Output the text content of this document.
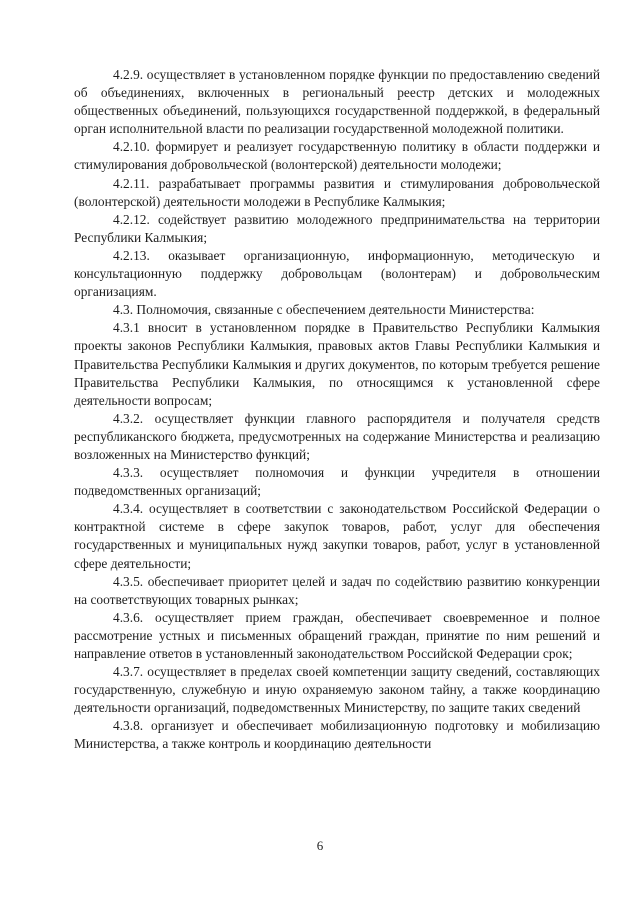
4.2.9. осуществляет в установленном порядке функции по предоставлению сведений об объединениях, включенных в региональный реестр детских и молодежных общественных объединений, пользующихся государственной поддержкой, в федеральный орган исполнительной власти по реализации государственной молодежной политики.

4.2.10. формирует и реализует государственную политику в области поддержки и стимулирования добровольческой (волонтерской) деятельности молодежи;

4.2.11. разрабатывает программы развития и стимулирования добровольческой (волонтерской) деятельности молодежи в Республике Калмыкия;

4.2.12. содействует развитию молодежного предпринимательства на территории Республики Калмыкия;

4.2.13. оказывает организационную, информационную, методическую и консультационную поддержку добровольцам (волонтерам) и добровольческим организациям.

4.3. Полномочия, связанные с обеспечением деятельности Министерства:

4.3.1 вносит в установленном порядке в Правительство Республики Калмыкия проекты законов Республики Калмыкия, правовых актов Главы Республики Калмыкия и Правительства Республики Калмыкия и других документов, по которым требуется решение Правительства Республики Калмыкия, по относящимся к установленной сфере деятельности вопросам;

4.3.2. осуществляет функции главного распорядителя и получателя средств республиканского бюджета, предусмотренных на содержание Министерства и реализацию возложенных на Министерство функций;

4.3.3. осуществляет полномочия и функции учредителя в отношении подведомственных организаций;

4.3.4. осуществляет в соответствии с законодательством Российской Федерации о контрактной системе в сфере закупок товаров, работ, услуг для обеспечения государственных и муниципальных нужд закупки товаров, работ, услуг в установленной сфере деятельности;

4.3.5. обеспечивает приоритет целей и задач по содействию развитию конкуренции на соответствующих товарных рынках;

4.3.6. осуществляет прием граждан, обеспечивает своевременное и полное рассмотрение устных и письменных обращений граждан, принятие по ним решений и направление ответов в установленный законодательством Российской Федерации срок;

4.3.7. осуществляет в пределах своей компетенции защиту сведений, составляющих государственную, служебную и иную охраняемую законом тайну, а также координацию деятельности организаций, подведомственных Министерству, по защите таких сведений

4.3.8. организует и обеспечивает мобилизационную подготовку и мобилизацию Министерства, а также контроль и координацию деятельности

6
